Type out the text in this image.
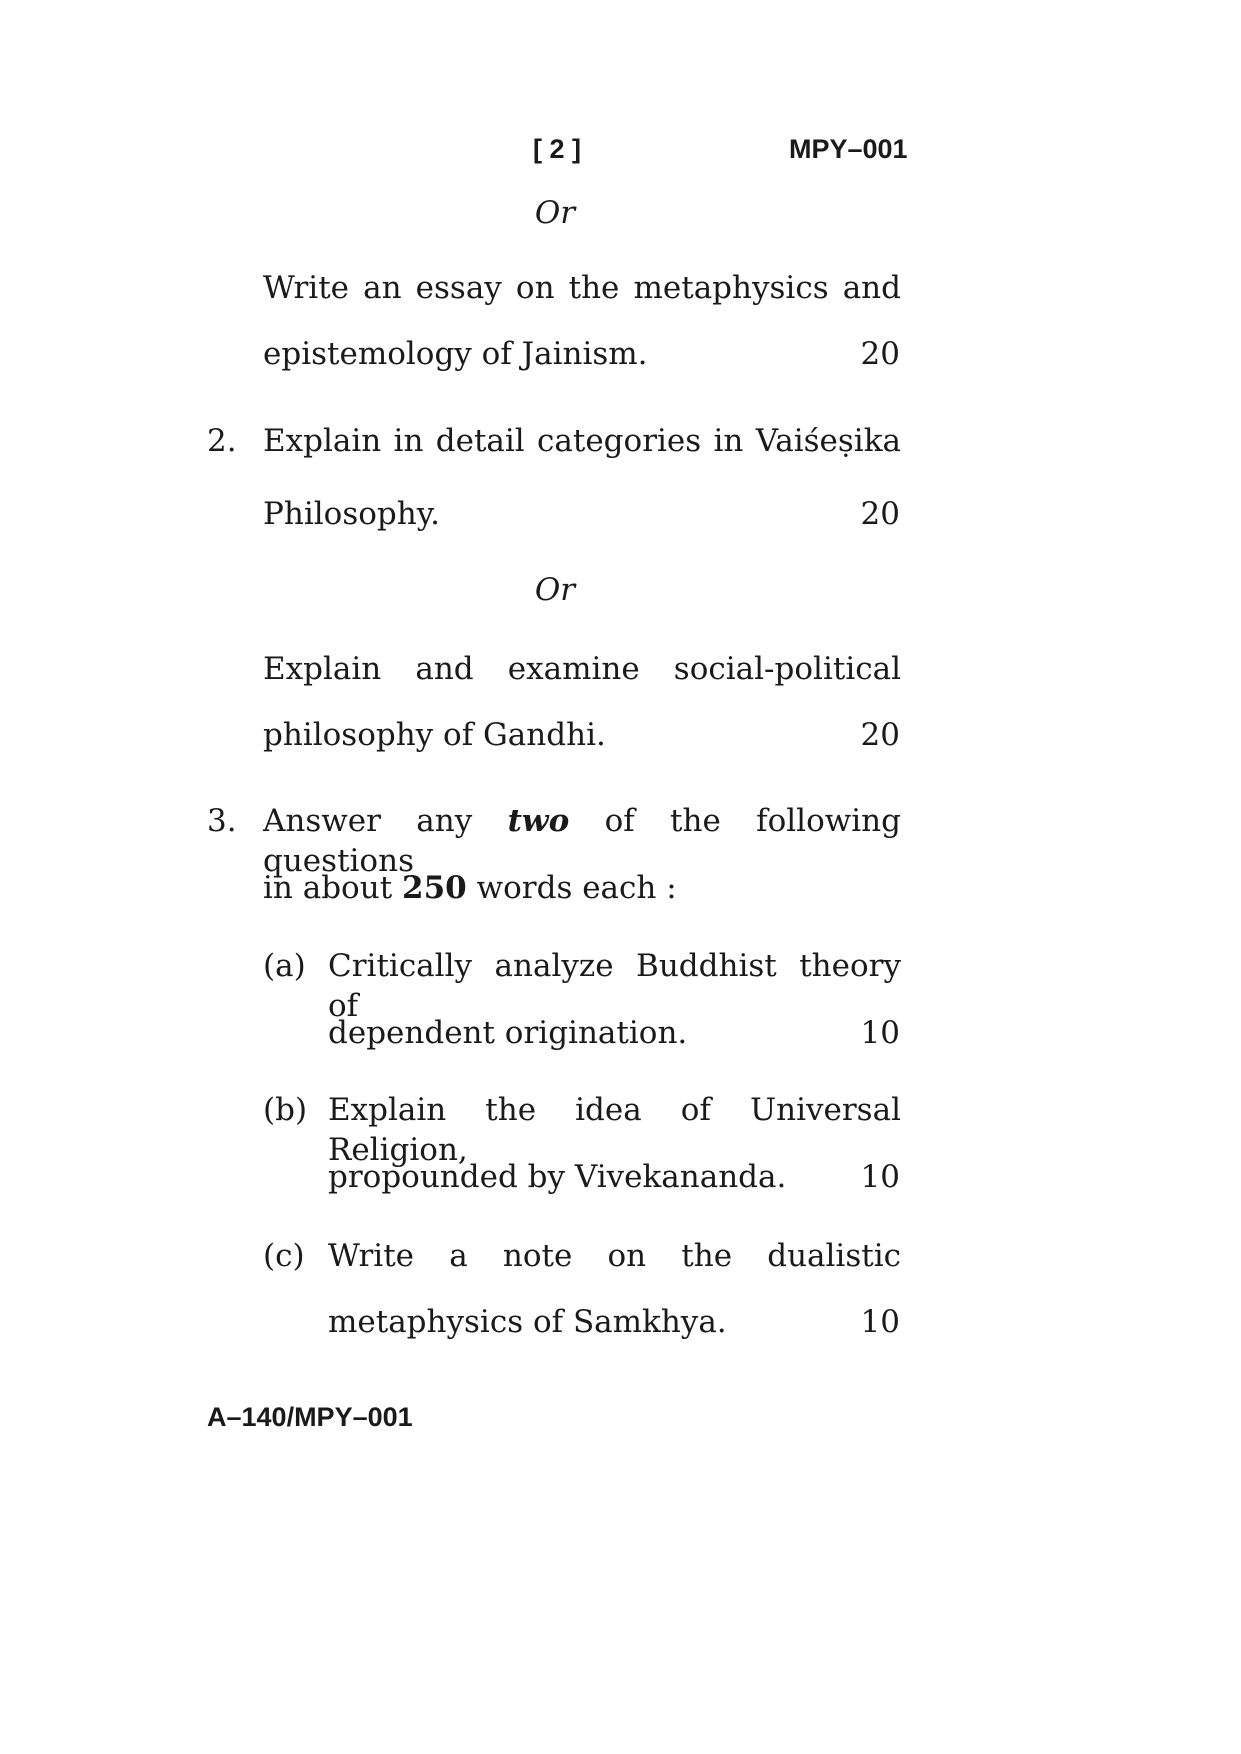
[ 2 ]	MPY–001
Or
Write an essay on the metaphysics and
epistemology of Jainism.	20
2. Explain in detail categories in Vaiśeṣika
Philosophy.	20
Or
Explain and examine social-political
philosophy of Gandhi.	20
3. Answer any two of the following questions
in about 250 words each :
(a) Critically analyze Buddhist theory of
dependent origination.	10
(b) Explain the idea of Universal Religion,
propounded by Vivekananda.	10
(c) Write a note on the dualistic
metaphysics of Samkhya.	10
A–140/MPY–001
